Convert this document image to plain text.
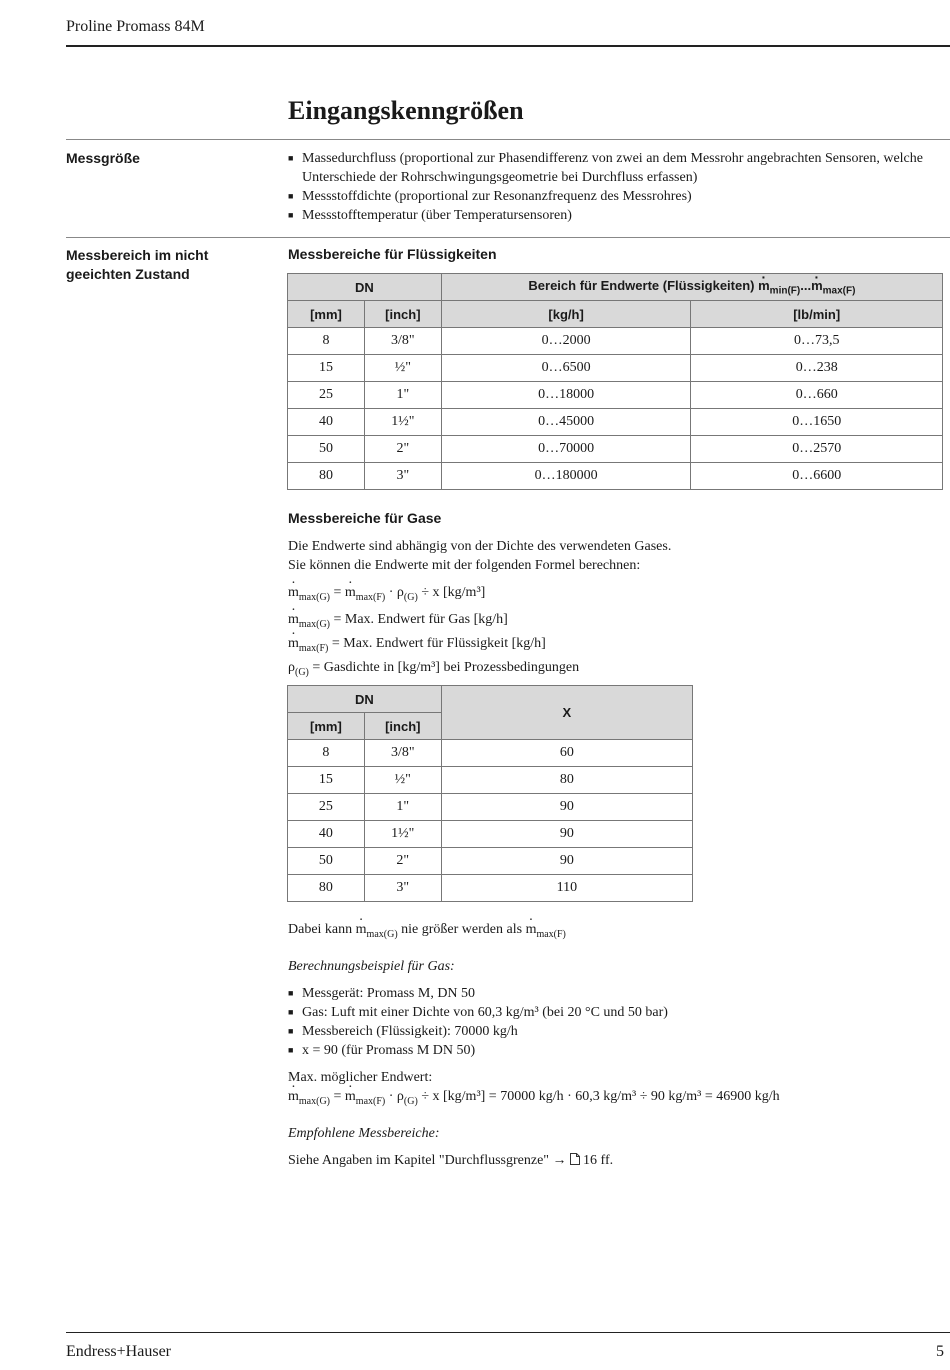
Proline Promass 84M
Eingangskenngrößen
Messgröße	■ Massedurchfluss (proportional zur Phasendifferenz von zwei an dem Messrohr angebrachten Sensoren, welche Unterschiede der Rohrschwingungsgeometrie bei Durchfluss erfassen)
■ Messstoffdichte (proportional zur Resonanzfrequenz des Messrohres)
■ Messstofftemperatur (über Temperatursensoren)
Messbereich im nicht
geeichten Zustand
Messbereiche für Flüssigkeiten
DN		Bereich für Endwerte (Flüssigkeiten) $m \cdot_{min(F)}...m \cdot_{max(F)}$
[mm]	[inch]	[kg/h]	[lb/min]
8	3/8"	0…2000	0…73,5
15	½"	0…6500	0…238
25	1"	0…18000	0…660
40	1½"	0…45000	0…1650
50	2"	0…70000	0…2570
80	3"	0…180000	0…6600
Messbereiche für Gase
Die Endwerte sind abhängig von der Dichte des verwendeten Gases.
Sie können die Endwerte mit der folgenden Formel berechnen:
$m \cdot_{max(G)} = m \cdot_{max(F)} \cdot \rho_{(G)} \div x$ [kg/m³]
$m \cdot_{max(G)}$ = Max. Endwert für Gas [kg/h]
$m \cdot_{max(F)}$ = Max. Endwert für Flüssigkeit [kg/h]
$\rho_{(G)}$ = Gasdichte in [kg/m³] bei Prozessbedingungen
DN		X
[mm]	[inch]	
8	3/8"	60
15	½"	80
25	1"	90
40	1½"	90
50	2"	90
80	3"	110
Dabei kann $m \cdot_{max(G)}$ nie größer werden als $m \cdot_{max(F)}$
Berechnungsbeispiel für Gas:
■ Messgerät: Promass M, DN 50
■ Gas: Luft mit einer Dichte von 60,3 kg/m³ (bei 20 °C und 50 bar)
■ Messbereich (Flüssigkeit): 70000 kg/h
■ x = 90 (für Promass M DN 50)
Max. möglicher Endwert:
$m \cdot_{max(G)} = m \cdot_{max(F)} \cdot \rho_{(G)} \div x$ [kg/m³] = 70000 kg/h · 60,3 kg/m³ ÷ 90 kg/m³ = 46900 kg/h
Empfohlene Messbereiche:
Siehe Angaben im Kapitel "Durchflussgrenze" → 16 ff.
Endress+Hauser	5
